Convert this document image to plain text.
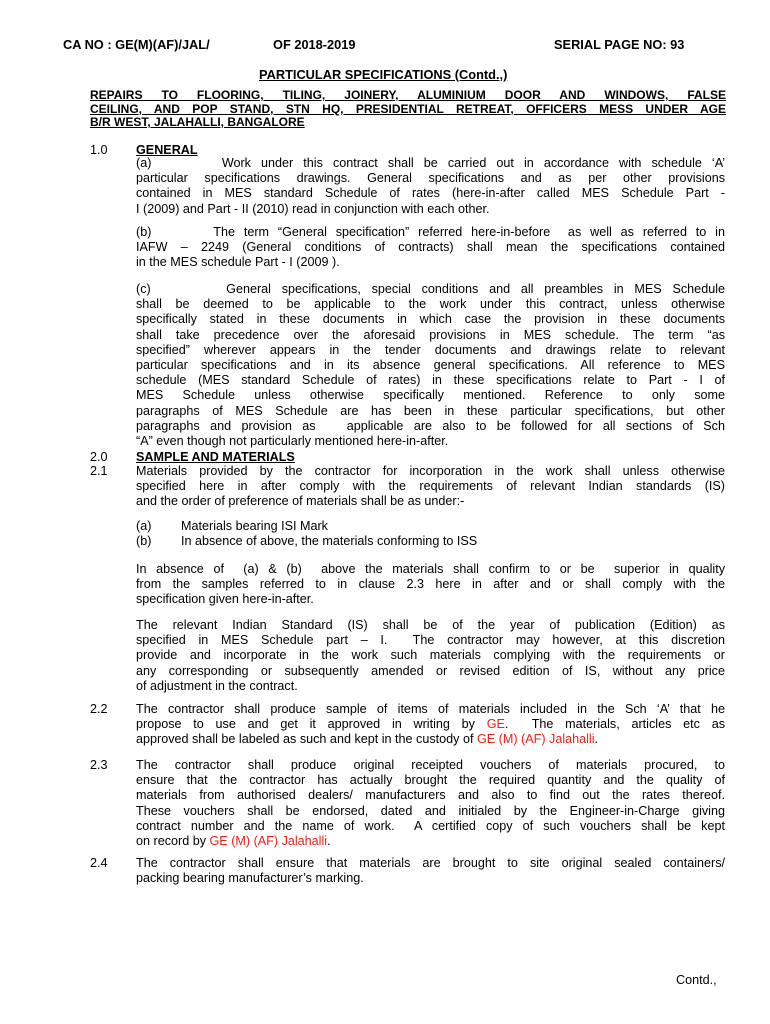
CA NO : GE(M)(AF)/JAL/	OF 2018-2019	SERIAL PAGE NO: 93
PARTICULAR SPECIFICATIONS (Contd.,)
REPAIRS TO FLOORING, TILING, JOINERY, ALUMINIUM DOOR AND WINDOWS, FALSE
CEILING, AND POP STAND, STN HQ, PRESIDENTIAL RETREAT, OFFICERS MESS UNDER AGE
B/R WEST, JALAHALLI, BANGALORE
1.0 GENERAL
(a)       Work under this contract shall be carried out in accordance with schedule ‘A’
particular specifications drawings. General specifications and as per other provisions
contained in MES standard Schedule of rates (here-in-after called MES Schedule Part -
I (2009) and Part - II (2010) read in conjunction with each other.
(b)       The term “General specification” referred here-in-before  as well as referred to in
IAFW – 2249 (General conditions of contracts) shall mean the specifications contained
in the MES schedule Part - I (2009 ).
(c)       General specifications, special conditions and all preambles in MES Schedule
shall be deemed to be applicable to the work under this contract, unless otherwise
specifically stated in these documents in which case the provision in these documents
shall take precedence over the aforesaid provisions in MES schedule. The term “as
specified” wherever appears in the tender documents and drawings relate to relevant
particular specifications and in its absence general specifications. All reference to MES
schedule (MES standard Schedule of rates) in these specifications relate to Part - I of
MES Schedule unless otherwise specifically mentioned. Reference to only some
paragraphs of MES Schedule are has been in these particular specifications, but other
paragraphs and provision as   applicable are also to be followed for all sections of Sch
“A” even though not particularly mentioned here-in-after.
2.0 SAMPLE AND MATERIALS
2.1 Materials provided by the contractor for incorporation in the work shall unless otherwise
specified here in after comply with the requirements of relevant Indian standards (IS)
and the order of preference of materials shall be as under:-
(a) Materials bearing ISI Mark
(b) In absence of above, the materials conforming to ISS
In absence of  (a) & (b)  above the materials shall confirm to or be  superior in quality
from the samples referred to in clause 2.3 here in after and or shall comply with the
specification given here-in-after.
The relevant Indian Standard (IS) shall be of the year of publication (Edition) as
specified in MES Schedule part – I.  The contractor may however, at this discretion
provide and incorporate in the work such materials complying with the requirements or
any corresponding or subsequently amended or revised edition of IS, without any price
of adjustment in the contract.
2.2 The contractor shall produce sample of items of materials included in the Sch ‘A’ that he
propose to use and get it approved in writing by GE.  The materials, articles etc as
approved shall be labeled as such and kept in the custody of GE (M) (AF) Jalahalli.
2.3 The contractor shall produce original receipted vouchers of materials procured, to
ensure that the contractor has actually brought the required quantity and the quality of
materials from authorised dealers/ manufacturers and also to find out the rates thereof.
These vouchers shall be endorsed, dated and initialed by the Engineer-in-Charge giving
contract number and the name of work.  A certified copy of such vouchers shall be kept
on record by GE (M) (AF) Jalahalli.
2.4 The contractor shall ensure that materials are brought to site original sealed containers/
packing bearing manufacturer’s marking.
Contd.,
